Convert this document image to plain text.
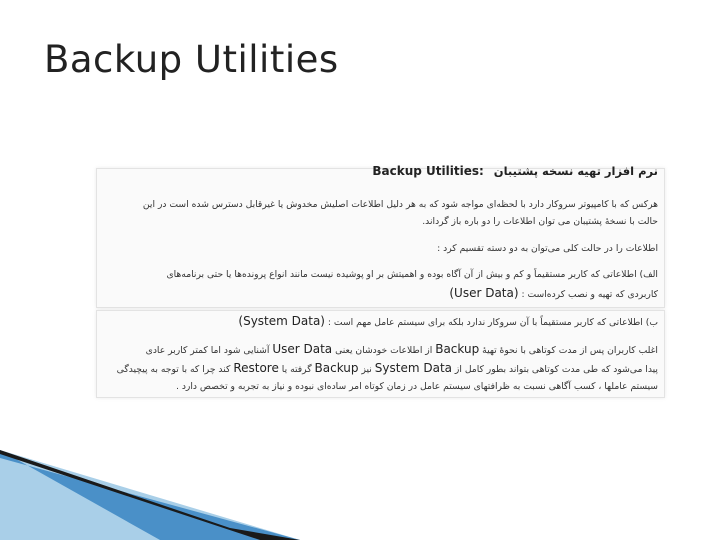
Backup Utilities
نرم افزار تهیه نسخه پشتیبان Backup Utilities:
هرکس که با کامپیوتر سروکار دارد با لحظه‌ای مواجه شود که به هر دلیل اطلاعات اصلیش مخدوش یا غیرقابل دسترس شده است در این
حالت با نسخهٔ پشتیبان می توان اطلاعات را دو باره باز گرداند.
اطلاعات را در حالت کلی می‌توان به دو دسته تقسیم کرد :
الف) اطلاعاتی که کاربر مستقیماً و کم و بیش از آن آگاه بوده و اهمیتش بر او پوشیده نیست مانند انواع پرونده‌ها یا حتی برنامه‌های
کاربردی که تهیه و نصب کرده‌است : (User Data)
ب) اطلاعاتی که کاربر مستقیماً با آن سروکار ندارد بلکه برای سیستم عامل مهم است : (System Data)
اغلب کاربران پس از مدت کوتاهی با نحوهٔ تهیهٔ Backup از اطلاعات خودشان یعنی User Data آشنایی شود اما کمتر کاربر عادی
پیدا می‌شود که طی مدت کوتاهی بتواند بطور کامل از System Data نیز Backup گرفته یا Restore کند چرا که با توجه به پیچیدگی
سیستم عاملها ، کسب آگاهی نسبت به ظرافتهای سیستم عامل در زمان کوتاه امر ساده‌ای نبوده و نیاز به تجربه و تخصص دارد .
